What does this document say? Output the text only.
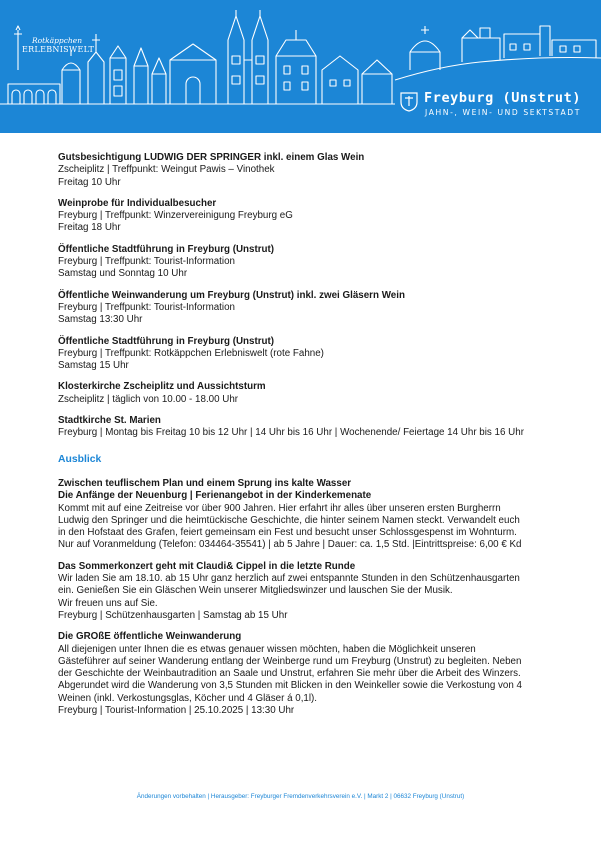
Rotkäppchen
ERLEBNISWELT
Freyburg (Unstrut)
JAHN-, WEIN- UND SEKTSTADT
Gutsbesichtigung LUDWIG DER SPRINGER inkl. einem Glas Wein
Zscheiplitz | Treffpunkt: Weingut Pawis – Vinothek
Freitag 10 Uhr
Weinprobe für Individualbesucher
Freyburg | Treffpunkt: Winzervereinigung Freyburg eG
Freitag 18 Uhr
Öffentliche Stadtführung in Freyburg (Unstrut)
Freyburg | Treffpunkt: Tourist-Information
Samstag und Sonntag 10 Uhr
Öffentliche Weinwanderung um Freyburg (Unstrut) inkl. zwei Gläsern Wein
Freyburg | Treffpunkt: Tourist-Information
Samstag 13:30 Uhr
Öffentliche Stadtführung in Freyburg (Unstrut)
Freyburg | Treffpunkt: Rotkäppchen Erlebniswelt (rote Fahne)
Samstag 15 Uhr
Klosterkirche Zscheiplitz und Aussichtsturm
Zscheiplitz | täglich von 10.00 - 18.00 Uhr
Stadtkirche St. Marien
Freyburg | Montag bis Freitag 10 bis 12 Uhr | 14 Uhr bis 16 Uhr | Wochenende/ Feiertage 14 Uhr bis 16 Uhr
Ausblick
Zwischen teuflischem Plan und einem Sprung ins kalte Wasser
Die Anfänge der Neuenburg | Ferienangebot in der Kinderkemenate
Kommt mit auf eine Zeitreise vor über 900 Jahren. Hier erfahrt ihr alles über unseren ersten Burgherrn
Ludwig den Springer und die heimtückische Geschichte, die hinter seinem Namen steckt. Verwandelt euch
in den Hofstaat des Grafen, feiert gemeinsam ein Fest und besucht unser Schlossgespenst im Wohnturm.
Nur auf Voranmeldung (Telefon: 034464-35541) | ab 5 Jahre | Dauer: ca. 1,5 Std. |Eintrittspreise: 6,00 € Kd
Das Sommerkonzert geht mit Claudi& Cippel in die letzte Runde
Wir laden Sie am 18.10. ab 15 Uhr ganz herzlich auf zwei entspannte Stunden in den Schützenhausgarten
ein. Genießen Sie ein Gläschen Wein unserer Mitgliedswinzer und lauschen Sie der Musik.
Wir freuen uns auf Sie.
Freyburg | Schützenhausgarten | Samstag ab 15 Uhr
Die GROßE öffentliche Weinwanderung
All diejenigen unter Ihnen die es etwas genauer wissen möchten, haben die Möglichkeit unseren
Gästeführer auf seiner Wanderung entlang der Weinberge rund um Freyburg (Unstrut) zu begleiten. Neben
der Geschichte der Weinbautradition an Saale und Unstrut, erfahren Sie mehr über die Arbeit des Winzers.
Abgerundet wird die Wanderung von 3,5 Stunden mit Blicken in den Weinkeller sowie die Verkostung von 4
Weinen (inkl. Verkostungsglas, Köcher und 4 Gläser á 0,1l).
Freyburg | Tourist-Information | 25.10.2025 | 13:30 Uhr
Änderungen vorbehalten | Herausgeber: Freyburger Fremdenverkehrsverein e.V. | Markt 2 | 06632 Freyburg (Unstrut)
